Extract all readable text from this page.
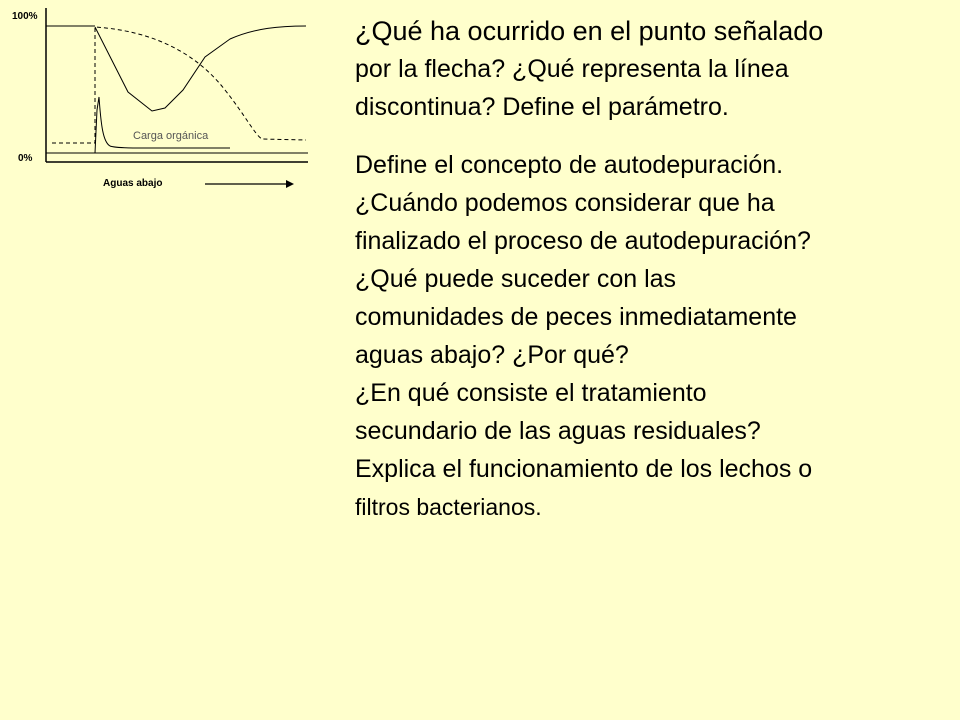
100%
0%
Aguas abajo
Carga orgánica
¿Qué ha ocurrido en el punto señalado
por la flecha? ¿Qué representa la línea
discontinua? Define el parámetro.
Define el concepto de autodepuración.
¿Cuándo podemos considerar que ha
finalizado el proceso de autodepuración?
¿Qué puede suceder con las
comunidades de peces inmediatamente
aguas abajo? ¿Por qué?
¿En qué consiste el tratamiento
secundario de las aguas residuales?
Explica el funcionamiento de los lechos o
filtros bacterianos.
